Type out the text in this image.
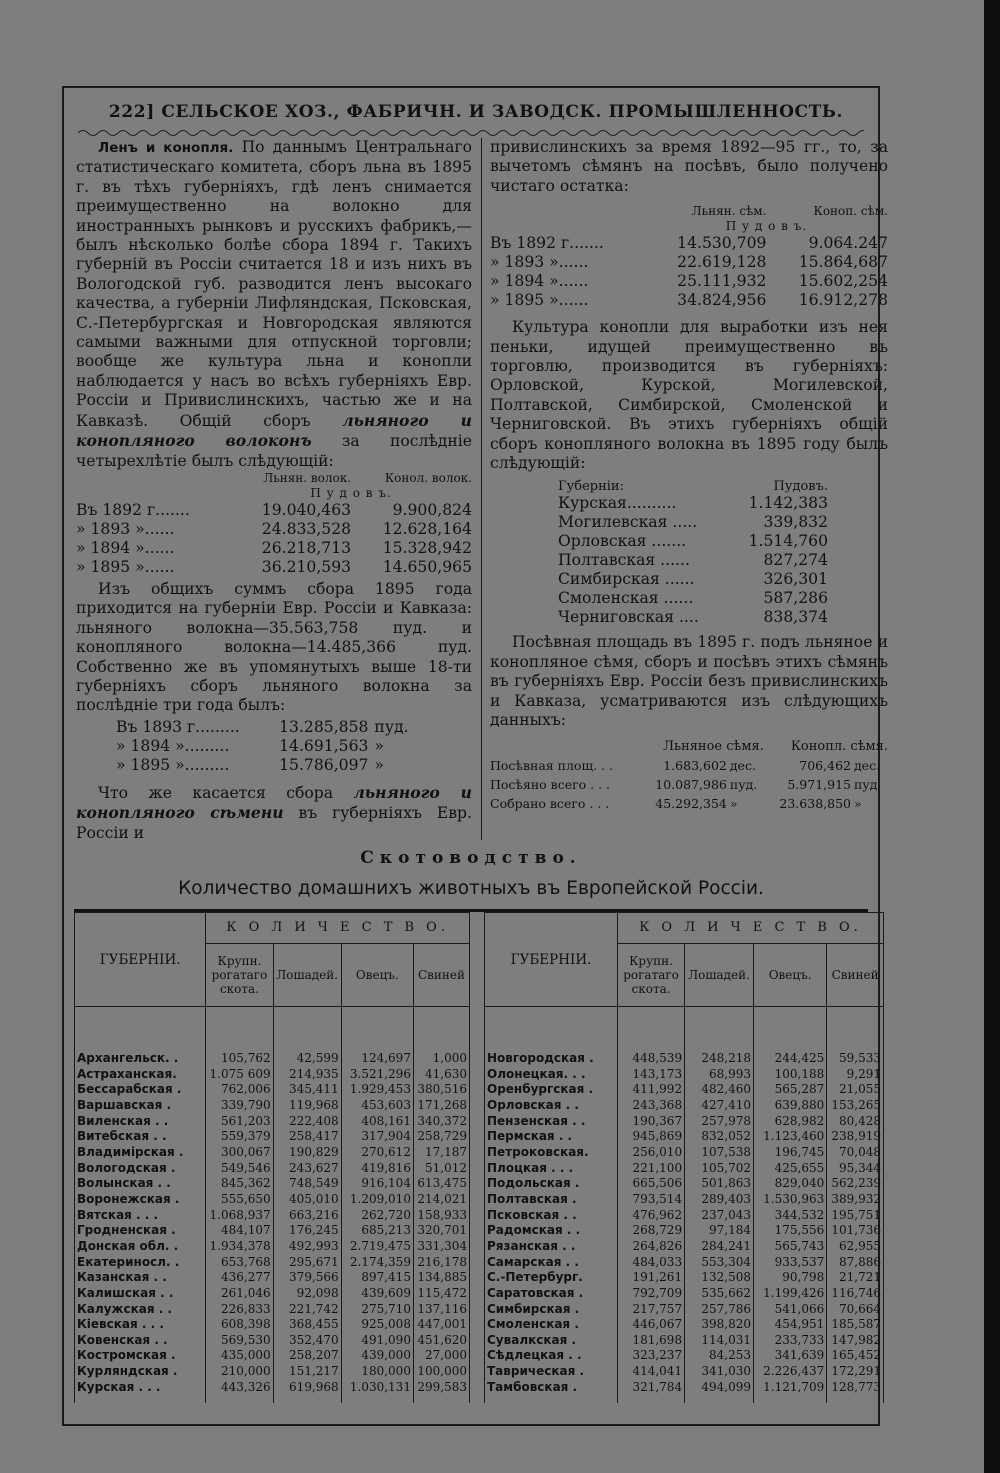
222] СЕЛЬСКОЕ ХОЗ., ФАБРИЧН. И ЗАВОДСК. ПРОМЫШЛЕННОСТЬ.

Ленъ и конопля. По даннымъ Центральнаго статистическаго комитета, сборъ льна въ 1895 г. въ тѣхъ губерніяхъ, гдѣ ленъ снимается преимущественно на волокно для иностранныхъ рынковъ и русскихъ фабрикъ,—былъ нѣсколько болѣе сбора 1894 г. Такихъ губерній въ Россіи считается 18 и изъ нихъ въ Вологодской губ. разводится ленъ высокаго качества, а губерніи Лифляндская, Псковская, С.-Петербургская и Новгородская являются самыми важными для отпускной торговли; вообще же культура льна и конопли наблюдается у насъ во всѣхъ губерніяхъ Евр. Россіи и Привислинскихъ, частью же и на Кавказѣ. Общій сборъ льняного и конопляного волоконъ за послѣдніе четырехлѣтіе былъ слѣдующій:

	Льнян. волок.	Конол. волок.
	П у д о в ъ.	
Въ 1892 г.......	19.040,463	9.900,824
» 1893 »......	24.833,528	12.628,164
» 1894 »......	26.218,713	15.328,942
» 1895 »......	36.210,593	14.650,965

Изъ общихъ суммъ сбора 1895 года приходится на губерніи Евр. Россіи и Кавказа: льняного волокна—35.563,758 пуд. и конопляного волокна—14.485,366 пуд. Собственно же въ упомянутыхъ выше 18-ти губерніяхъ сборъ льняного волокна за послѣдніе три года былъ:

Въ 1893 г.........	13.285,858	пуд.
» 1894 ».........	14.691,563	»
» 1895 ».........	15.786,097	»

Что же касается сбора льняного и конопляного сѣмени въ губерніяхъ Евр. Россіи и

привислинскихъ за время 1892—95 гг., то, за вычетомъ сѣмянъ на посѣвъ, было получено чистаго остатка:

	Льнян. сѣм.	Коноп. сѣм.
	П у д о в ъ.	
Въ 1892 г.......	14.530,709	9.064.247
» 1893 »......	22.619,128	15.864,687
» 1894 »......	25.111,932	15.602,254
» 1895 »......	34.824,956	16.912,278

Культура конопли для выработки изъ нея пеньки, идущей преимущественно въ торговлю, производится въ губерніяхъ: Орловской, Курской, Могилевской, Полтавской, Симбирской, Смоленской и Черниговской. Въ этихъ губерніяхъ общій сборъ конопляного волокна въ 1895 году былъ слѣдующій:

Губерніи:	Пудовъ.
Курская..........	1.142,383
Могилевская .....	339,832
Орловская .......	1.514,760
Полтавская ......	827,274
Симбирская ......	326,301
Смоленская ......	587,286
Черниговская ....	838,374

Посѣвная площадь въ 1895 г. подъ льняное и конопляное сѣмя, сборъ и посѣвъ этихъ сѣмянъ въ губерніяхъ Евр. Россіи безъ привислинскихъ и Кавказа, усматриваются изъ слѣдующихъ данныхъ:

	Льняное сѣмя.		Конопл. сѣмя.	
Посѣвная площ. . .	1.683,602	дес.	706,462	дес.
Посѣяно всего . . .	10.087,986	пуд.	5.971,915	пуд.
Собрано всего . . .	45.292,354	»	23.638,850	»
Скотоводство.
Количество домашнихъ животныхъ въ Европейской Россіи.
ГУБЕРНІИ.	К О Л И Ч Е С Т В О.			
	Крупн. рогатаго скота.	Лошадей.	Овецъ.	Свиней

Архангельск. .	105,762	42,599	124,697	1,000
Астраханская.	1.075 609	214,935	3.521,296	41,630
Бессарабская .	762,006	345,411	1.929,453	380,516
Варшавская .	339,790	119,968	453,603	171,268
Виленская . .	561,203	222,408	408,161	340,372
Витебская . .	559,379	258,417	317,904	258,729
Владимірская .	300,067	190,829	270,612	17,187
Вологодская .	549,546	243,627	419,816	51,012
Волынская . .	845,362	748,549	916,104	613,475
Воронежская .	555,650	405,010	1.209,010	214,021
Вятская . . .	1.068,937	663,216	262,720	158,933
Гродненская .	484,107	176,245	685,213	320,701
Донская обл. .	1.934,378	492,993	2.719,475	331,304
Екатериносл. .	653,768	295,671	2.174,359	216,178
Казанская . .	436,277	379,566	897,415	134,885
Калишская . .	261,046	92,098	439,609	115,472
Калужская . .	226,833	221,742	275,710	137,116
Кіевская . . .	608,398	368,455	925,008	447,001
Ковенская . .	569,530	352,470	491,090	451,620
Костромская .	435,000	258,207	439,000	27,000
Курляндская .	210,000	151,217	180,000	100,000
Курская . . .	443,326	619,968	1.030,131	299,583

ГУБЕРНІИ.	К О Л И Ч Е С Т В О.			
	Крупн. рогатаго скота.	Лошадей.	Овецъ.	Свиней

Новгородская .	448,539	248,218	244,425	59,533
Олонецкая. . .	143,173	68,993	100,188	9,291
Оренбургская .	411,992	482,460	565,287	21,055
Орловская . .	243,368	427,410	639,880	153,265
Пензенская . .	190,367	257,978	628,982	80,428
Пермская . .	945,869	832,052	1.123,460	238,919
Петроковская.	256,010	107,538	196,745	70,048
Плоцкая . . .	221,100	105,702	425,655	95,344
Подольская .	665,506	501,863	829,040	562,239
Полтавская .	793,514	289,403	1.530,963	389,932
Псковская . .	476,962	237,043	344,532	195,751
Радомская . .	268,729	97,184	175,556	101,736
Рязанская . .	264,826	284,241	565,743	62,955
Самарская . .	484,033	553,304	933,537	87,886
С.-Петербург.	191,261	132,508	90,798	21,721
Саратовская .	792,709	535,662	1.199,426	116,746
Симбирская .	217,757	257,786	541,066	70,664
Смоленская .	446,067	398,820	454,951	185,587
Сувалкская .	181,698	114,031	233,733	147,982
Сѣдлецкая . .	323,237	84,253	341,639	165,452
Таврическая .	414,041	341,030	2.226,437	172,291
Тамбовская .	321,784	494,099	1.121,709	128,773
